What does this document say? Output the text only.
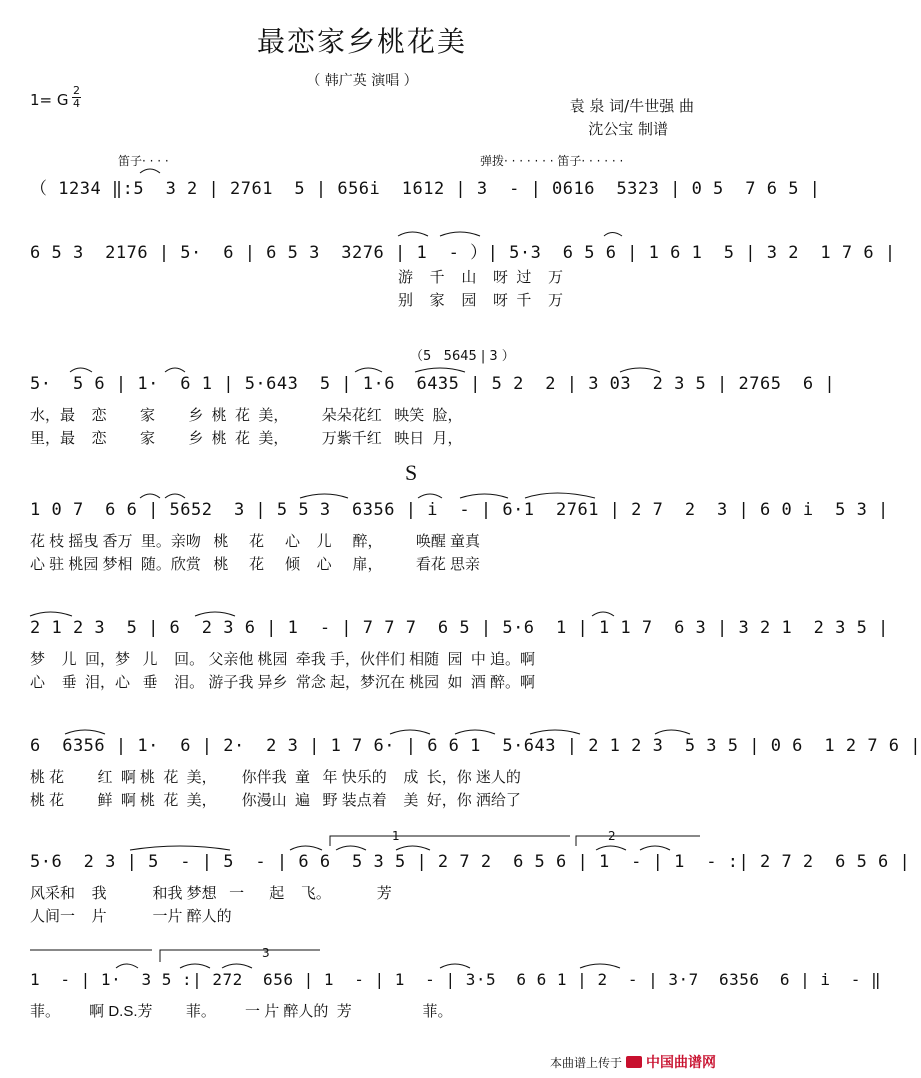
最恋家乡桃花美
（ 韩广英 演唱 ）
1= G
2
4	袁 泉 词/牛世强 曲
沈公宝 制谱
笛子· · · ·	弹拨· · · · · · · 笛子· · · · · ·
（ 1234 ‖:5  3 2 | 2761  5 | 656i  1612 | 3  - | 0616  5323 | 0 5  7 6 5 |
6 5 3  2176 | 5·  6 | 6 5 3  3276 | 1  - ）| 5·3  6 5 6 | 1 6 1  5 | 3 2  1 7 6 |
游    千    山    呀  过    万
别    家    园    呀  千    万
（5   5645 | 3 ）
5·  5 6 | 1·  6 1 | 5·643  5 | 1·6  6435 | 5 2  2 | 3 03  2 3 5 | 2765  6 |
水，最    恋        家        乡  桃  花  美，        朵朵花红   映笑  脸，
里，最    恋        家        乡  桃  花  美，        万紫千红   映日  月，
S
1 0 7  6 6 | 5652  3 | 5 5 3  6356 | i  - | 6·1  2761 | 2 7  2  3 | 6 0 i  5 3 |
花 枝 摇曳 香万  里。亲吻   桃     花     心    儿     醉，        唤醒 童真
心 驻 桃园 梦相  随。欣赏   桃     花     倾    心     扉，        看花 思亲
2 1 2 3  5 | 6  2 3 6 | 1  - | 7 7 7  6 5 | 5·6  1 | 1 1 7  6 3 | 3 2 1  2 3 5 |
梦    儿  回，梦   儿    回。 父亲他 桃园  牵我 手，伙伴们 相随  园  中 追。啊
心    垂  泪，心   垂    泪。 游子我 异乡  常念 起，梦沉在 桃园  如  酒 醉。啊
6  6356 | 1·  6 | 2·  2 3 | 1 7 6· | 6 6 1  5·643 | 2 1 2 3  5 3 5 | 0 6  1 2 7 6 |
桃 花        红  啊 桃  花  美，      你伴我  童   年 快乐的    成  长，你 迷人的
桃 花        鲜  啊 桃  花  美，      你漫山  遍   野 装点着    美  好，你 洒给了
1	2
5·6  2 3 | 5  - | 5  - | 6 6  5 3 5 | 2 7 2  6 5 6 | 1  - | 1  - :| 2 7 2  6 5 6 |
风采和    我           和我 梦想   一      起    飞。           芳
人间一    片           一片 醉人的
3
1  - | 1·  3 5 :| 272  656 | 1  - | 1  - | 3·5  6 6 1 | 2  - | 3·7  6356  6 | i  - ‖
菲。       啊 D.S.芳        菲。       一 片 醉人的  芳                 菲。
本曲谱上传于 中国曲谱网
